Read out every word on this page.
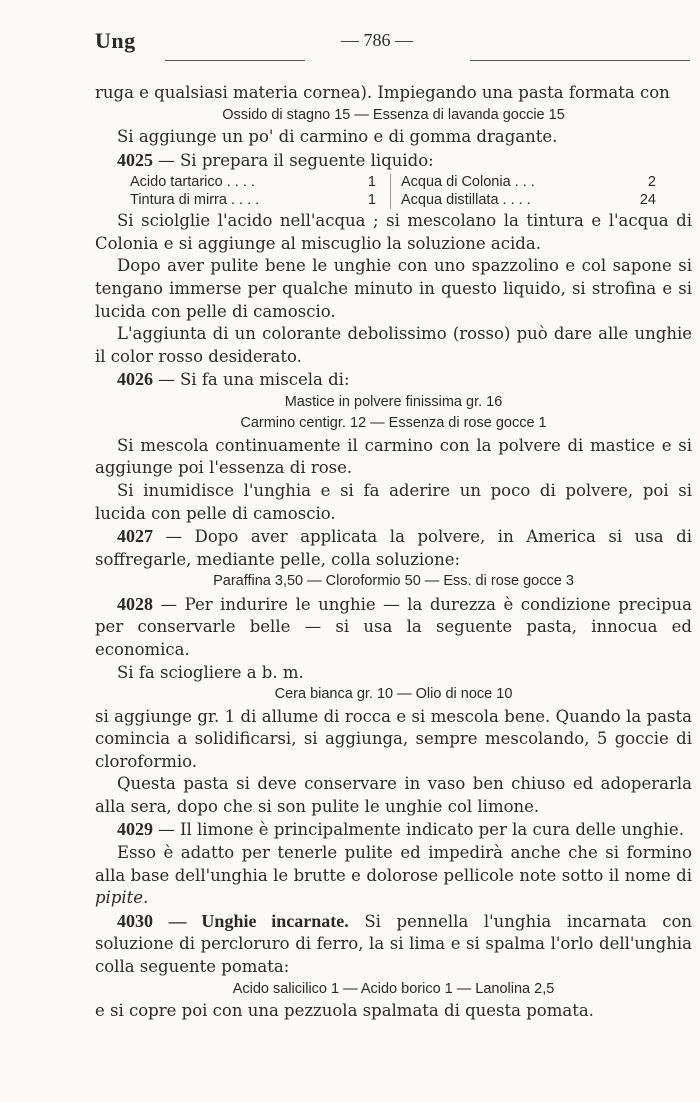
Ung	— 786 —

ruga e qualsiasi materia cornea). Impiegando una pasta formata con

Ossido di stagno 15 — Essenza di lavanda goccie 15

Si aggiunge un po' di carmino e di gomma dragante.

4025 — Si prepara il seguente liquido:

Acido tartarico . . . .	1 Acqua di Colonia . . .	2
Tintura di mirra . . . .	1 Acqua distillata . . . .	24

Si sciolglie l'acido nell'acqua ; si mescolano la tintura e l'acqua di Colonia e si aggiunge al miscuglio la soluzione acida.

Dopo aver pulite bene le unghie con uno spazzolino e col sapone si tengano immerse per qualche minuto in questo liquido, si strofina e si lucida con pelle di camoscio.

L'aggiunta di un colorante debolissimo (rosso) può dare alle unghie il color rosso desiderato.

4026 — Si fa una miscela di:

Mastice in polvere finissima gr. 16

Carmino centigr. 12 — Essenza di rose gocce 1

Si mescola continuamente il carmino con la polvere di mastice e si aggiunge poi l'essenza di rose.

Si inumidisce l'unghia e si fa aderire un poco di polvere, poi si lucida con pelle di camoscio.

4027 — Dopo aver applicata la polvere, in America si usa di soffregarle, mediante pelle, colla soluzione:

Paraffina 3,50 — Cloroformio 50 — Ess. di rose gocce 3

4028 — Per indurire le unghie — la durezza è condizione precipua per conservarle belle — si usa la seguente pasta, innocua ed economica.

Si fa sciogliere a b. m.

Cera bianca gr. 10 — Olio di noce 10

si aggiunge gr. 1 di allume di rocca e si mescola bene. Quando la pasta comincia a solidificarsi, si aggiunga, sempre mescolando, 5 goccie di cloroformio.

Questa pasta si deve conservare in vaso ben chiuso ed adoperarla alla sera, dopo che si son pulite le unghie col limone.

4029 — Il limone è principalmente indicato per la cura delle unghie.

Esso è adatto per tenerle pulite ed impedirà anche che si formino alla base dell'unghia le brutte e dolorose pellicole note sotto il nome di pipite.

4030 — Unghie incarnate. Si pennella l'unghia incarnata con soluzione di percloruro di ferro, la si lima e si spalma l'orlo dell'unghia colla seguente pomata:

Acido salicilico 1 — Acido borico 1 — Lanolina 2,5

e si copre poi con una pezzuola spalmata di questa pomata.
